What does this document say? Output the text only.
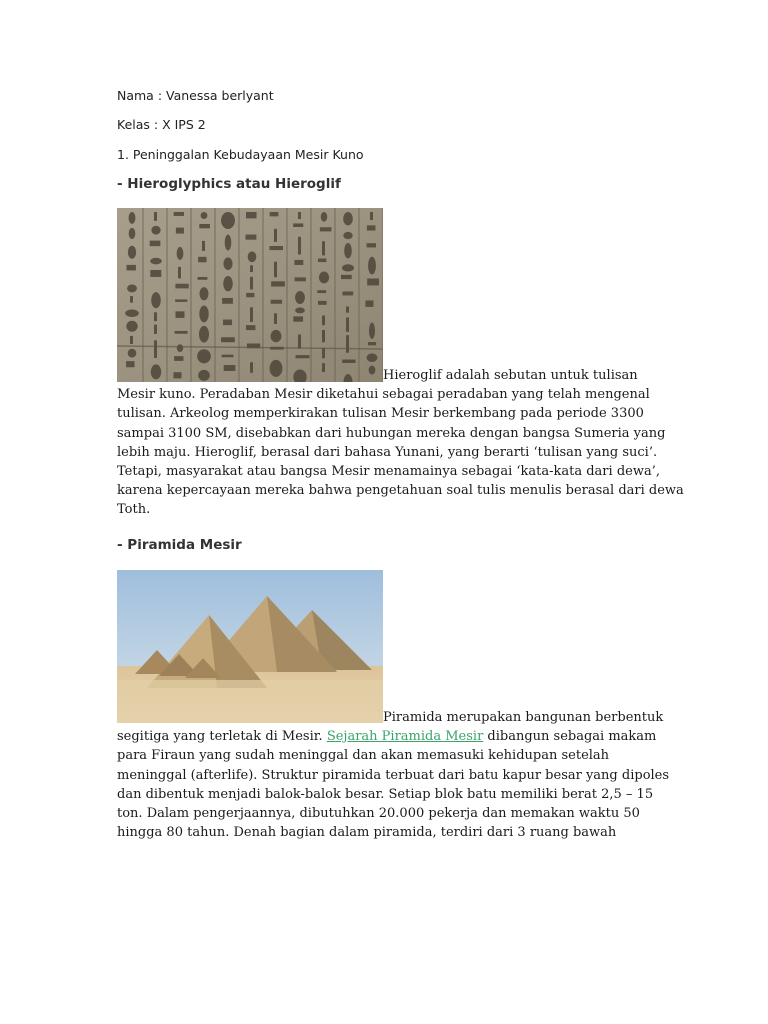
Nama : Vanessa berlyant
Kelas : X IPS 2
1. Peninggalan Kebudayaan Mesir Kuno
- Hieroglyphics atau Hieroglif

Hieroglif adalah sebutan untuk tulisan

Mesir kuno. Peradaban Mesir diketahui sebagai peradaban yang telah mengenal

tulisan. Arkeolog memperkirakan tulisan Mesir berkembang pada periode 3300

sampai 3100 SM, disebabkan dari hubungan mereka dengan bangsa Sumeria yang

lebih maju. Hieroglif, berasal dari bahasa Yunani, yang berarti ‘tulisan yang suci’.

Tetapi, masyarakat atau bangsa Mesir menamainya sebagai ‘kata-kata dari dewa’,

karena kepercayaan mereka bahwa pengetahuan soal tulis menulis berasal dari dewa

Toth.

- Piramida Mesir

Piramida merupakan bangunan berbentuk

segitiga yang terletak di Mesir. Sejarah Piramida Mesir dibangun sebagai makam

para Firaun yang sudah meninggal dan akan memasuki kehidupan setelah

meninggal (afterlife). Struktur piramida terbuat dari batu kapur besar yang dipoles

dan dibentuk menjadi balok-balok besar. Setiap blok batu memiliki berat 2,5 – 15

ton. Dalam pengerjaannya, dibutuhkan 20.000 pekerja dan memakan waktu 50

hingga 80 tahun. Denah bagian dalam piramida, terdiri dari 3 ruang bawah
